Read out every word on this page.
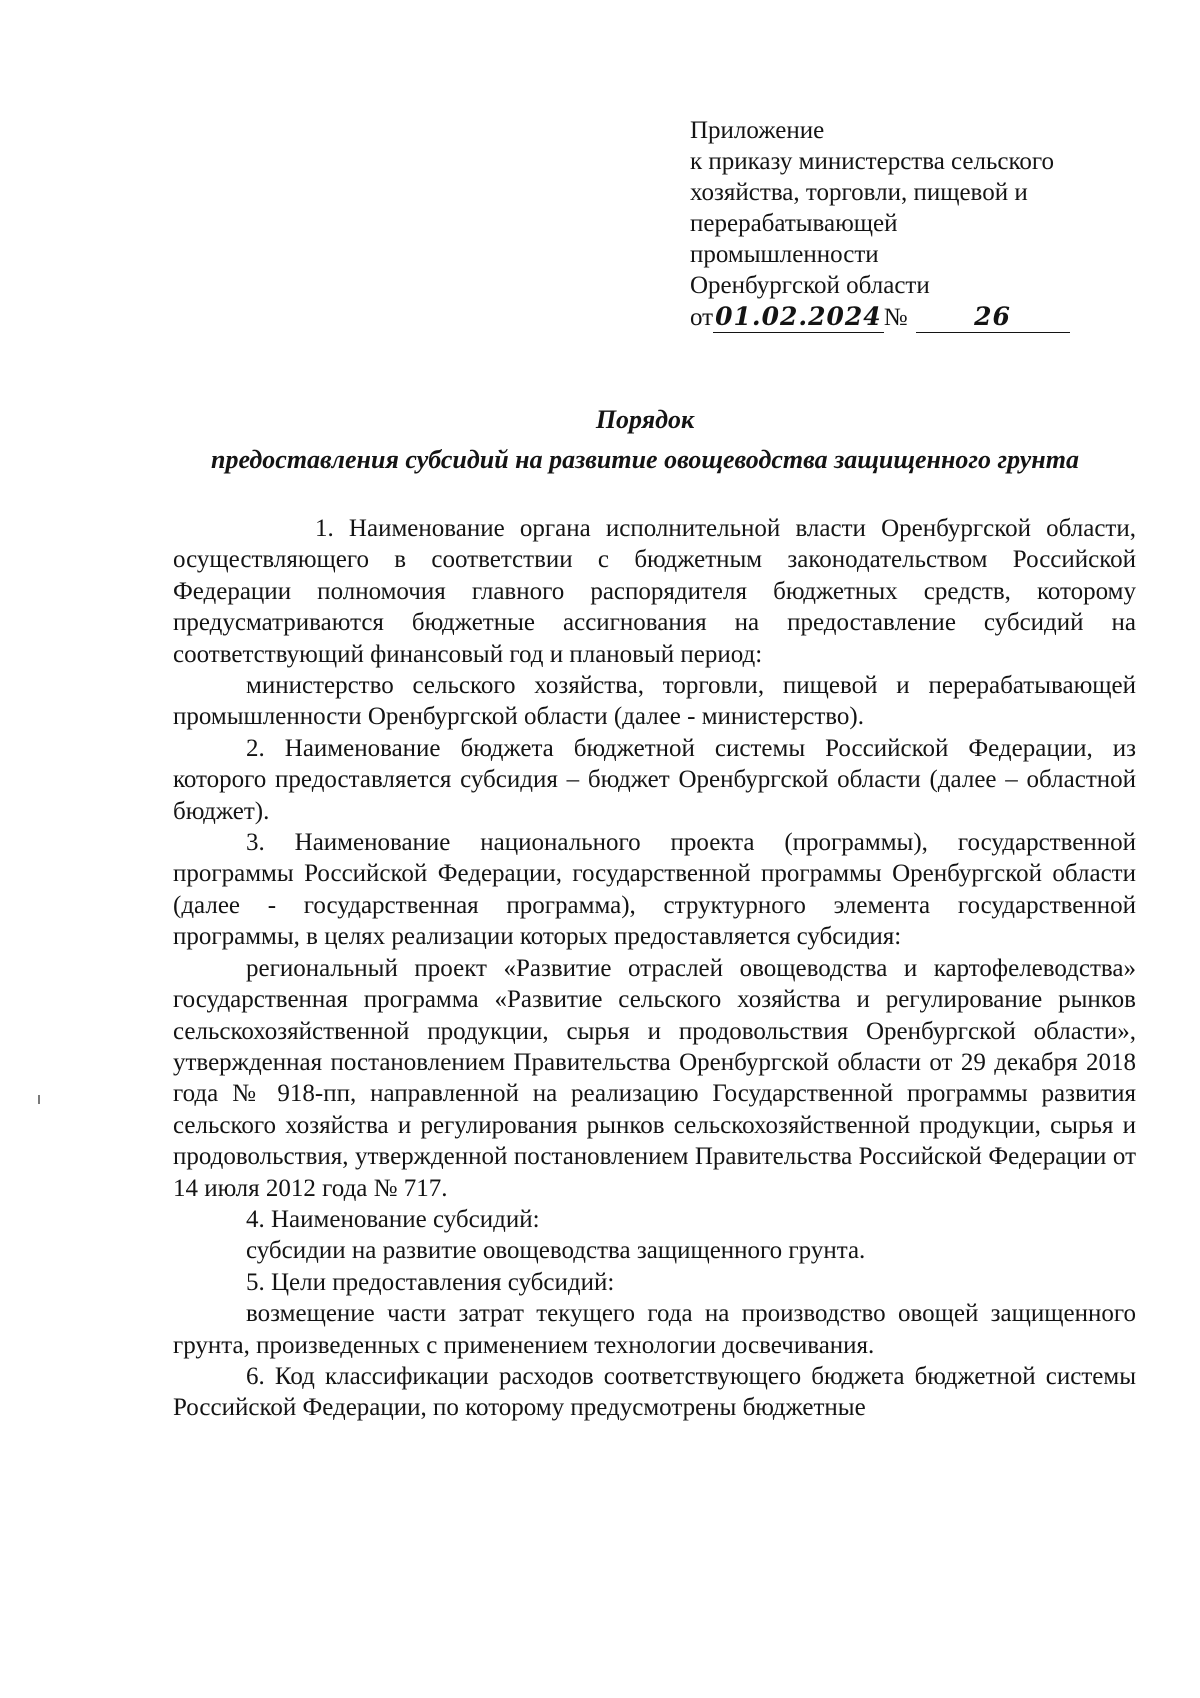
Приложение
к приказу министерства сельского
хозяйства, торговли, пищевой и
перерабатывающей
промышленности
Оренбургской области
от01.02.2024№	26
Порядок
предоставления субсидий на развитие овощеводства защищенного грунта

1. Наименование органа исполнительной власти Оренбургской области, осуществляющего в соответствии с бюджетным законодательством Российской Федерации полномочия главного распорядителя бюджетных средств, которому предусматриваются бюджетные ассигнования на предоставление субсидий на соответствующий финансовый год и плановый период:

министерство сельского хозяйства, торговли, пищевой и перерабатывающей промышленности Оренбургской области (далее - министерство).

2. Наименование бюджета бюджетной системы Российской Федерации, из которого предоставляется субсидия – бюджет Оренбургской области (далее – областной бюджет).

3. Наименование национального проекта (программы), государственной программы Российской Федерации, государственной программы Оренбургской области (далее - государственная программа), структурного элемента государственной программы, в целях реализации которых предоставляется субсидия:

региональный проект «Развитие отраслей овощеводства и картофелеводства» государственная программа «Развитие сельского хозяйства и регулирование рынков сельскохозяйственной продукции, сырья и продовольствия Оренбургской области», утвержденная постановлением Правительства Оренбургской области от 29 декабря 2018 года № 918-пп, направленной на реализацию Государственной программы развития сельского хозяйства и регулирования рынков сельскохозяйственной продукции, сырья и продовольствия, утвержденной постановлением Правительства Российской Федерации от 14 июля 2012 года № 717.

4. Наименование субсидий:

субсидии на развитие овощеводства защищенного грунта.

5. Цели предоставления субсидий:

возмещение части затрат текущего года на производство овощей защищенного грунта, произведенных с применением технологии досвечивания.

6. Код классификации расходов соответствующего бюджета бюджетной системы Российской Федерации, по которому предусмотрены бюджетные
